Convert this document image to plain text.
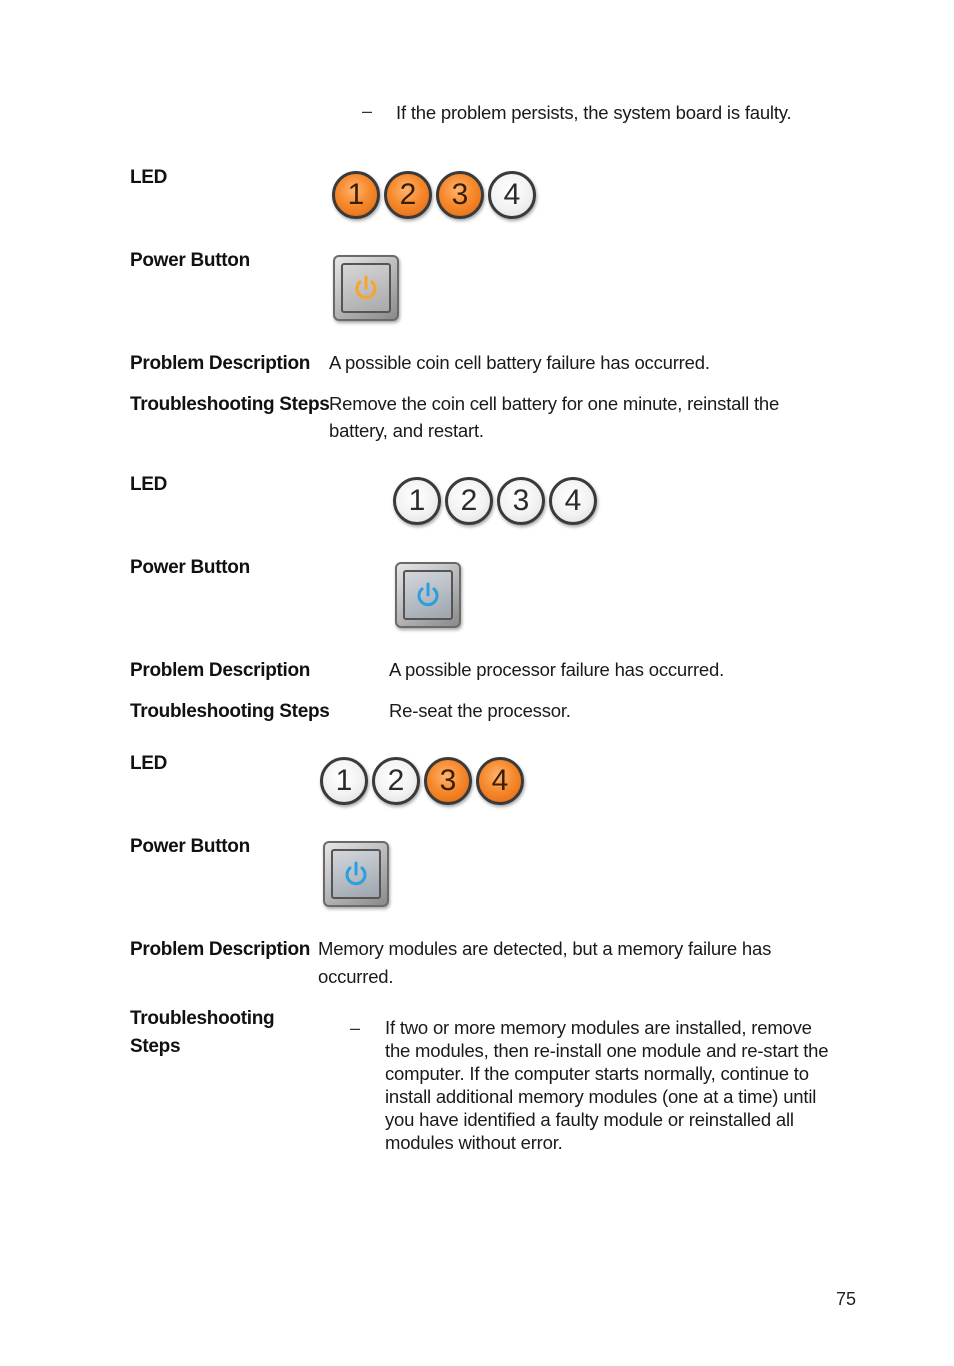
– If the problem persists, the system board is faulty.
LED
1	2	3	4
Power Button
Problem Description A possible coin cell battery failure has occurred.
Troubleshooting Steps Remove the coin cell battery for one minute, reinstall the
battery, and restart.
LED	1	2	3	4
Power Button
Problem Description	A possible processor failure has occurred.
Troubleshooting Steps	Re-seat the processor.
LED
1	2	3	4
Power Button
Problem Description Memory modules are detected, but a memory failure has
occurred.
Troubleshooting
Steps
– If two or more memory modules are installed, remove
the modules, then re-install one module and re-start the
computer. If the computer starts normally, continue to
install additional memory modules (one at a time) until
you have identified a faulty module or reinstalled all
modules without error.
75
